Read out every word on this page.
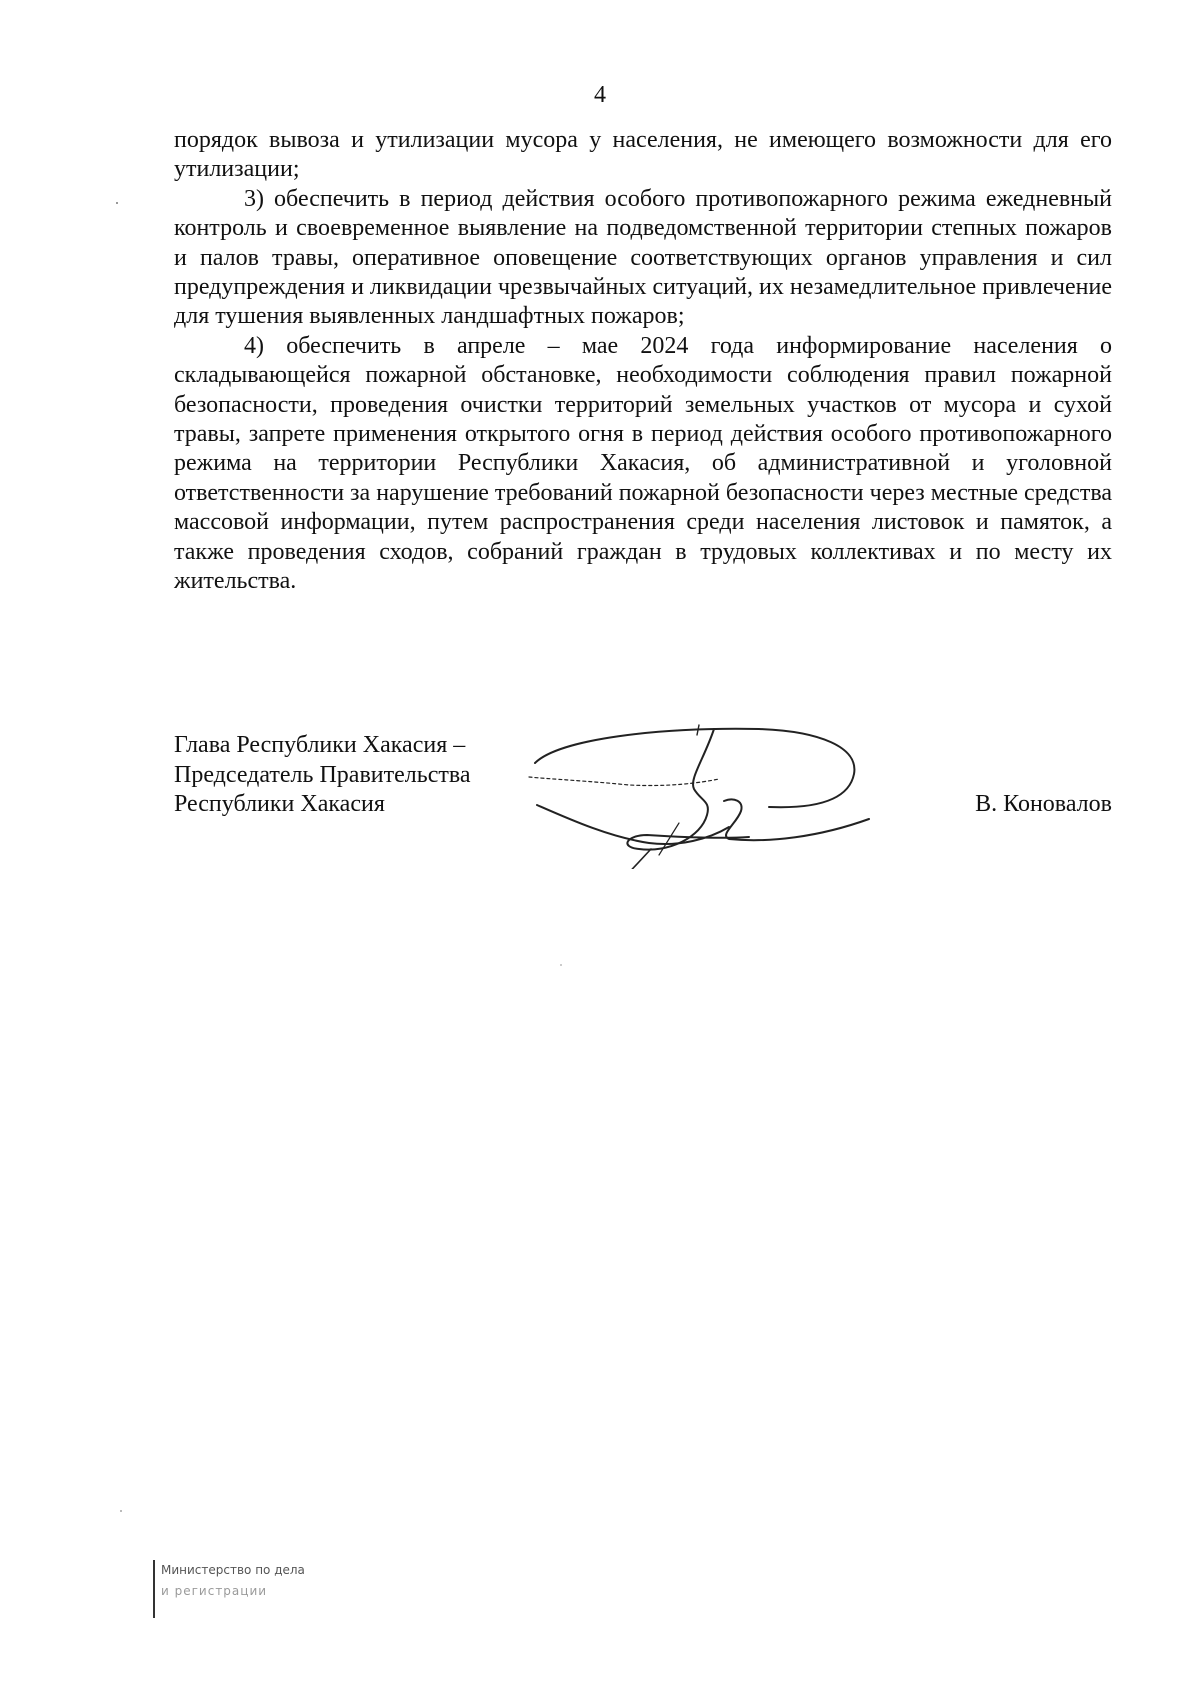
4

порядок вывоза и утилизации мусора у населения, не имеющего возможности для его утилизации;

3) обеспечить в период действия особого противопожарного режима ежедневный контроль и своевременное выявление на подведомственной территории степных пожаров и палов травы, оперативное оповещение соответствующих органов управления и сил предупреждения и ликвидации чрезвычайных ситуаций, их незамедлительное привлечение для тушения выявленных ландшафтных пожаров;

4) обеспечить в апреле – мае 2024 года информирование населения о складывающейся пожарной обстановке, необходимости соблюдения правил пожарной безопасности, проведения очистки территорий земельных участков от мусора и сухой травы, запрете применения открытого огня в период действия особого противопожарного режима на территории Республики Хакасия, об административной и уголовной ответственности за нарушение требований пожарной безопасности через местные средства массовой информации, путем распространения среди населения листовок и памяток, а также проведения сходов, собраний граждан в трудовых коллективах и по месту их жительства.

Глава Республики Хакасия –
Председатель Правительства
Республики Хакасия	В. Коновалов
Министерство по дела
и регистрации
